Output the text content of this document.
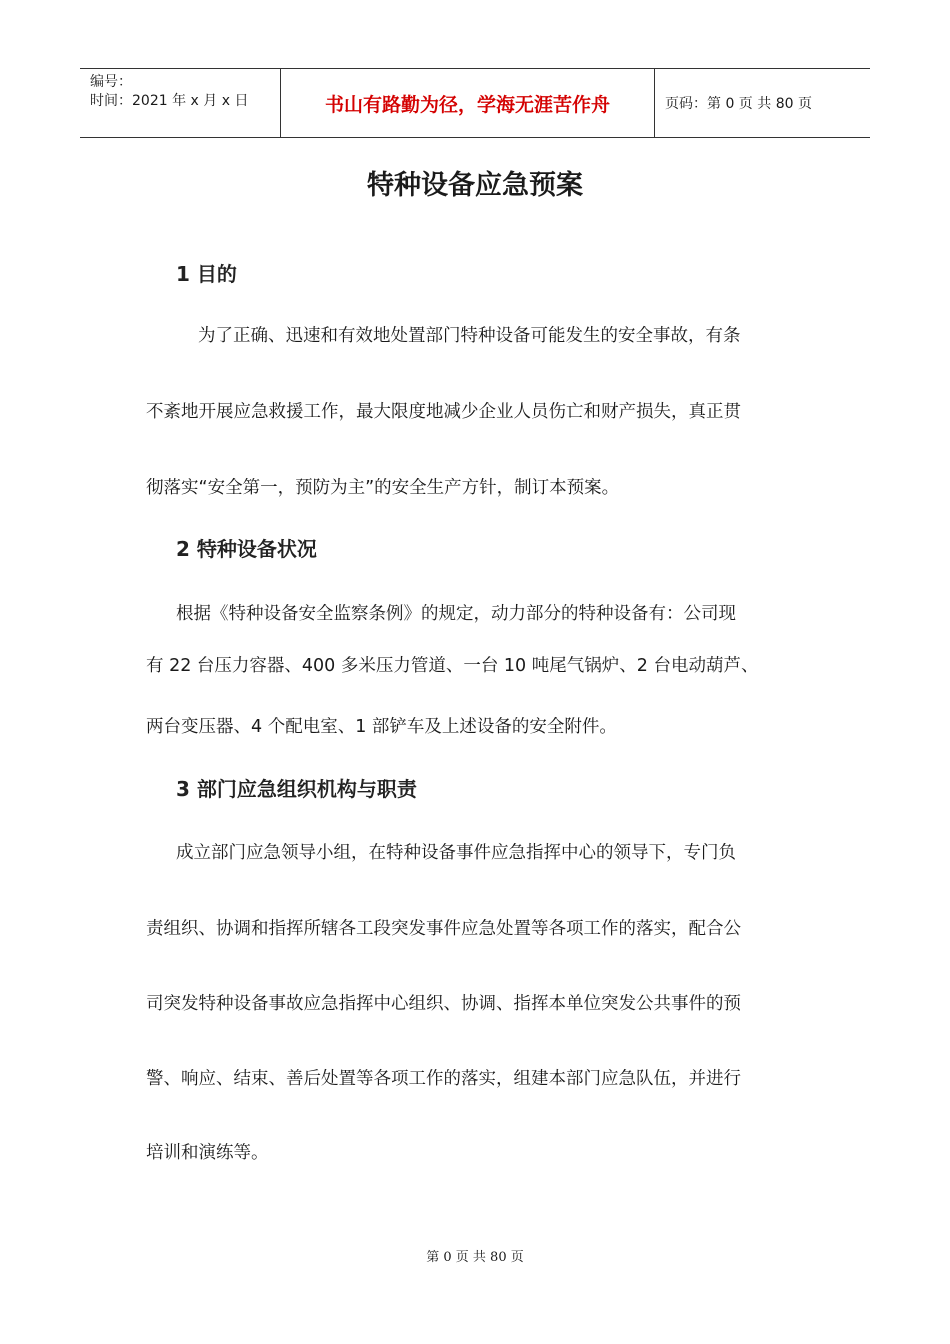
编号：
时间：2021 年 x 月 x 日	书山有路勤为径，学海无涯苦作舟	页码：第 0 页 共 80 页
特种设备应急预案
1 目的
为了正确、迅速和有效地处置部门特种设备可能发生的安全事故，有条
不紊地开展应急救援工作，最大限度地减少企业人员伤亡和财产损失，真正贯
彻落实“安全第一，预防为主”的安全生产方针，制订本预案。
2 特种设备状况
根据《特种设备安全监察条例》的规定，动力部分的特种设备有：公司现
有 22 台压力容器、400 多米压力管道、一台 10 吨尾气锅炉、2 台电动葫芦、
两台变压器、4 个配电室、1 部铲车及上述设备的安全附件。
3 部门应急组织机构与职责
成立部门应急领导小组，在特种设备事件应急指挥中心的领导下，专门负
责组织、协调和指挥所辖各工段突发事件应急处置等各项工作的落实，配合公
司突发特种设备事故应急指挥中心组织、协调、指挥本单位突发公共事件的预
警、响应、结束、善后处置等各项工作的落实，组建本部门应急队伍，并进行
培训和演练等。
第 0 页 共 80 页
